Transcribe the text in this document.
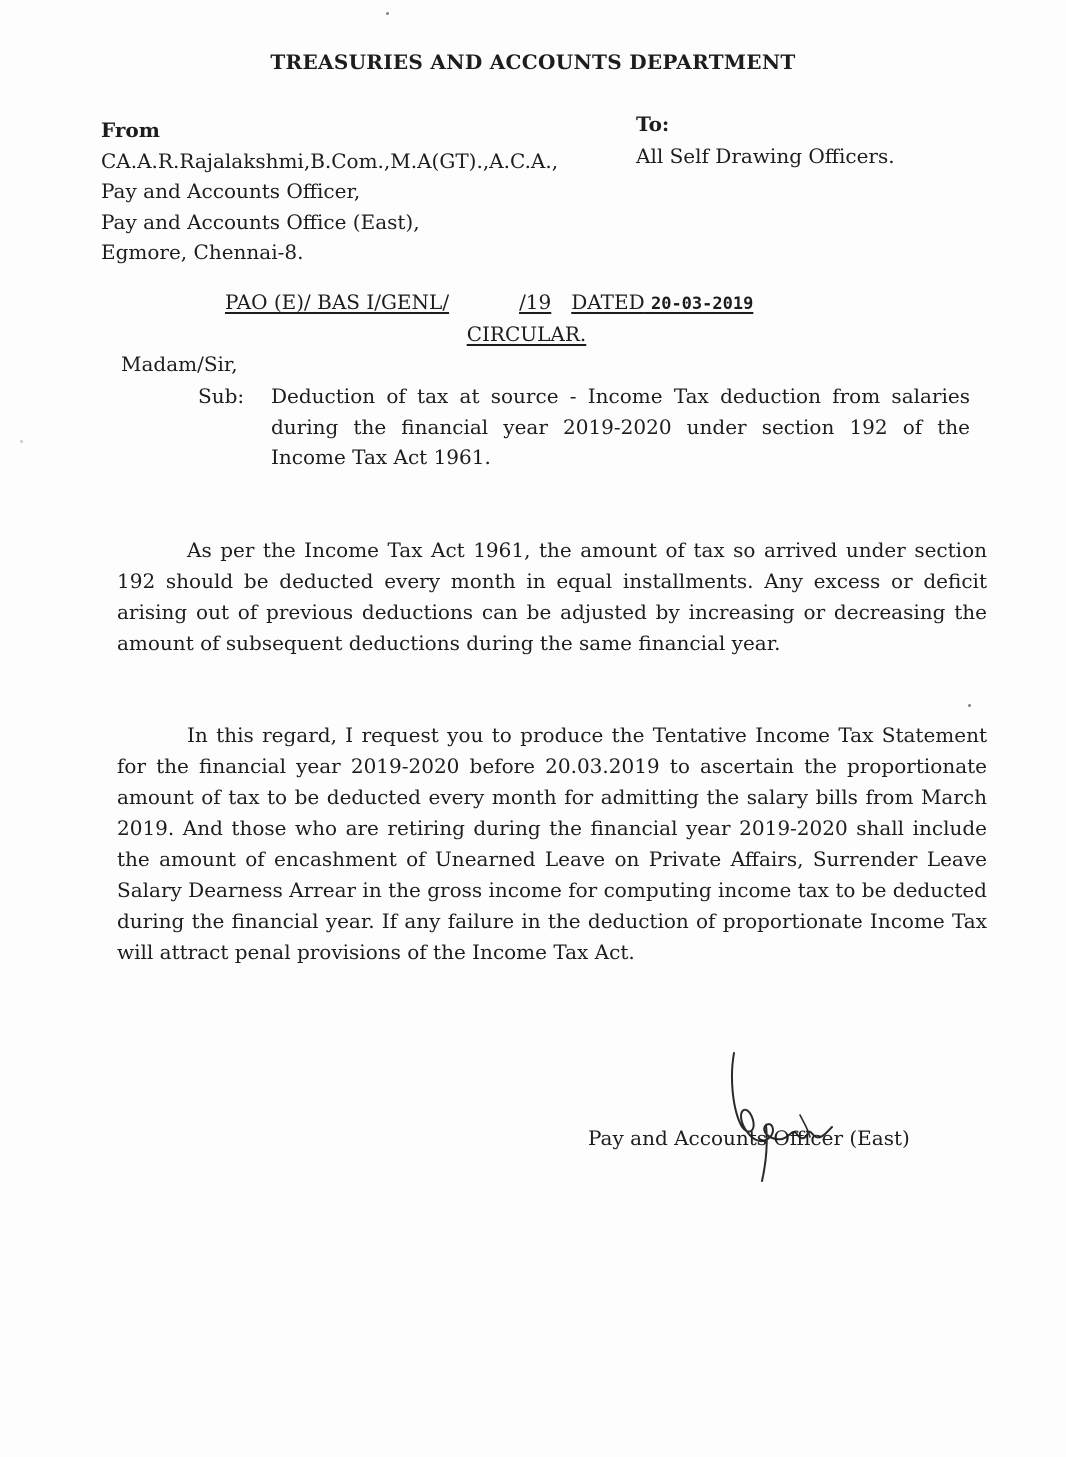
TREASURIES AND ACCOUNTS DEPARTMENT
From
CA.A.R.Rajalakshmi,B.Com.,M.A(GT).,A.C.A.,
Pay and Accounts Officer,
Pay and Accounts Office (East),
Egmore, Chennai-8.
To:
All Self Drawing Officers.
PAO (E)/ BAS I/GENL/	/19 DATED 20-03-2019
CIRCULAR.
Madam/Sir,
Sub:	Deduction of tax at source - Income Tax deduction from salaries during the financial year 2019-2020 under section 192 of the Income Tax Act 1961.
As per the Income Tax Act 1961, the amount of tax so arrived under section 192 should be deducted every month in equal installments. Any excess or deficit arising out of previous deductions can be adjusted by increasing or decreasing the amount of subsequent deductions during the same financial year.
In this regard, I request you to produce the Tentative Income Tax Statement for the financial year 2019-2020 before 20.03.2019 to ascertain the proportionate amount of tax to be deducted every month for admitting the salary bills from March 2019. And those who are retiring during the financial year 2019-2020 shall include the amount of encashment of Unearned Leave on Private Affairs, Surrender Leave Salary Dearness Arrear in the gross income for computing income tax to be deducted during the financial year. If any failure in the deduction of proportionate Income Tax will attract penal provisions of the Income Tax Act.
Pay and Accounts Officer (East)
